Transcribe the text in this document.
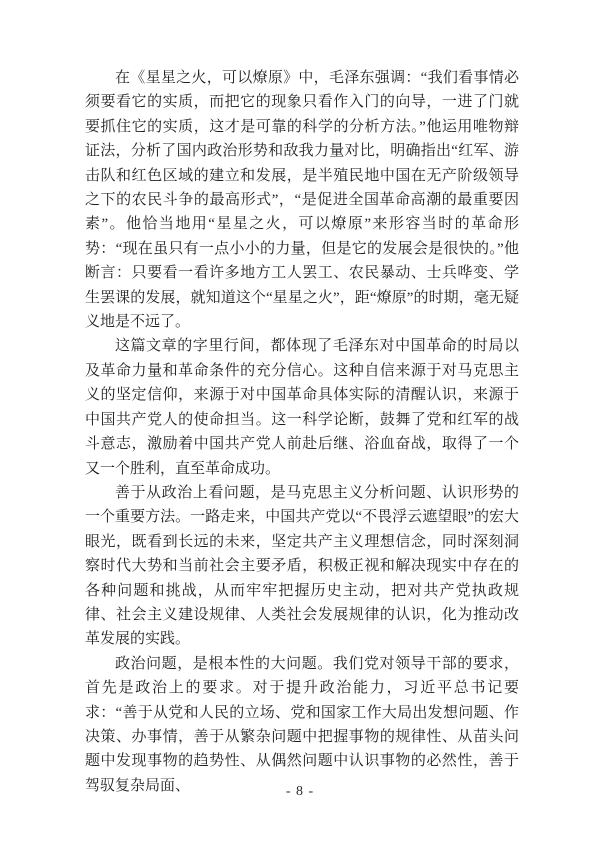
在《星星之火，可以燎原》中，毛泽东强调：“我们看事情必须要看它的实质，而把它的现象只看作入门的向导，一进了门就要抓住它的实质，这才是可靠的科学的分析方法。”他运用唯物辩证法，分析了国内政治形势和敌我力量对比，明确指出“红军、游击队和红色区域的建立和发展，是半殖民地中国在无产阶级领导之下的农民斗争的最高形式”，“是促进全国革命高潮的最重要因素”。他恰当地用“星星之火，可以燎原”来形容当时的革命形势：“现在虽只有一点小小的力量，但是它的发展会是很快的。”他断言：只要看一看许多地方工人罢工、农民暴动、士兵哗变、学生罢课的发展，就知道这个“星星之火”，距“燎原”的时期，毫无疑义地是不远了。

这篇文章的字里行间，都体现了毛泽东对中国革命的时局以及革命力量和革命条件的充分信心。这种自信来源于对马克思主义的坚定信仰，来源于对中国革命具体实际的清醒认识，来源于中国共产党人的使命担当。这一科学论断，鼓舞了党和红军的战斗意志，激励着中国共产党人前赴后继、浴血奋战，取得了一个又一个胜利，直至革命成功。

善于从政治上看问题，是马克思主义分析问题、认识形势的一个重要方法。一路走来，中国共产党以“不畏浮云遮望眼”的宏大眼光，既看到长远的未来，坚定共产主义理想信念，同时深刻洞察时代大势和当前社会主要矛盾，积极正视和解决现实中存在的各种问题和挑战，从而牢牢把握历史主动，把对共产党执政规律、社会主义建设规律、人类社会发展规律的认识，化为推动改革发展的实践。

政治问题，是根本性的大问题。我们党对领导干部的要求，首先是政治上的要求。对于提升政治能力，习近平总书记要求：“善于从党和人民的立场、党和国家工作大局出发想问题、作决策、办事情，善于从繁杂问题中把握事物的规律性、从苗头问题中发现事物的趋势性、从偶然问题中认识事物的必然性，善于驾驭复杂局面、	- 8 -
